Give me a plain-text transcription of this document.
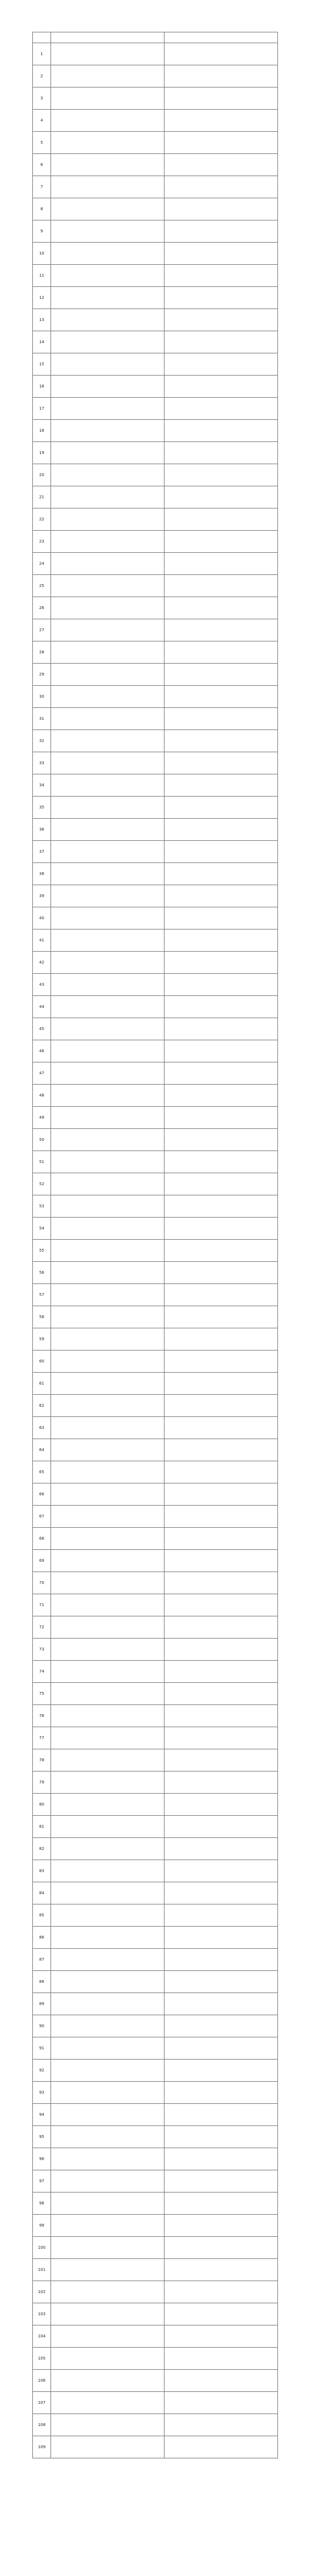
1		
2		
3		
4		
5		
6		
7		
8		
9		
10		
11		
12		
13		
14		
15		
16		
17		
18		
19		
20		
21		
22		
23		
24		
25		
26		
27		
28		
29		
30		
31		
32		
33		
34		
35		
36		
37		
38		
39		
40		
41		
42		
43		
44		
45		
46		
47		
48		
49		
50		
51		
52		
53		
54		
55		
56		
57		
58		
59		
60		
61		
62		
63		
64		
65		
66		
67		
68		
69		
70		
71		
72		
73		
74		
75		
76		
77		
78		
79		
80		
81		
82		
83		
84		
85		
86		
87		
88		
89		
90		
91		
92		
93		
94		
95		
96		
97		
98		
99		
100		
101		
102		
103		
104		
105		
106		
107		
108		
109		
